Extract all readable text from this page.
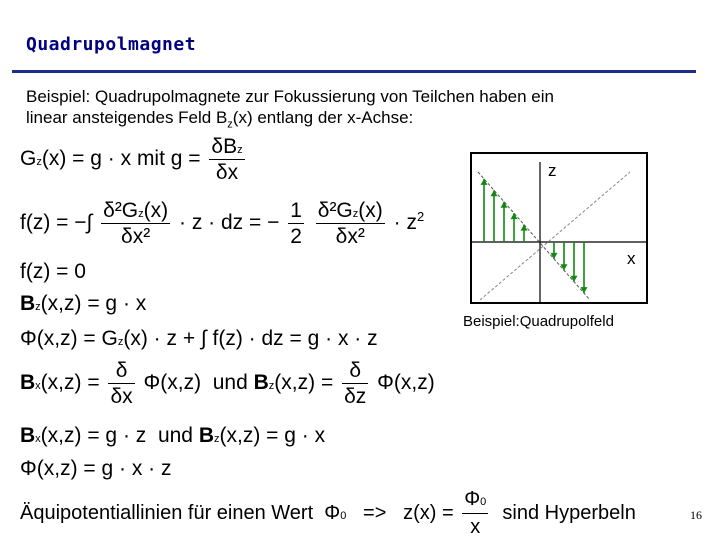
Quadrupolmagnet
Beispiel: Quadrupolmagnete zur Fokussierung von Teilchen haben ein
linear ansteigendes Feld $B_z(x)$ entlang der x-Achse:
Gz(x) = g · x mit $g = \frac{\text{δBz}}{\delta x}$
f(z) = −∫ $\frac{\text{δ²Gz(x)}}{\text{δx²}} \cdot z$ · dz = − $\frac{1}{2}$
$\frac{\text{δ²Gz(x)}}{\text{δx²}} \cdot z^2$
f(z) = 0
Bz(x,z) = g · x
Φ(x,z) = Gz(x) · z + ∫ f(z) · dz = g · x · z
$Bx(x,z) = \frac{\delta}{\delta x} \Phi(x,z)$ und $Bz(x,z) = \frac{\delta}{\delta z} \Phi(x,z)$
Bx(x,z) = g · z und Bz(x,z) = g · x
Φ(x,z) = g · x · z
z
x
Beispiel:Quadrupolfeld
Äquipotentiallinien für einen Wert $\Phi 0 => z(x) = \frac{\Phi 0}{x}$ sind Hyperbeln	16
